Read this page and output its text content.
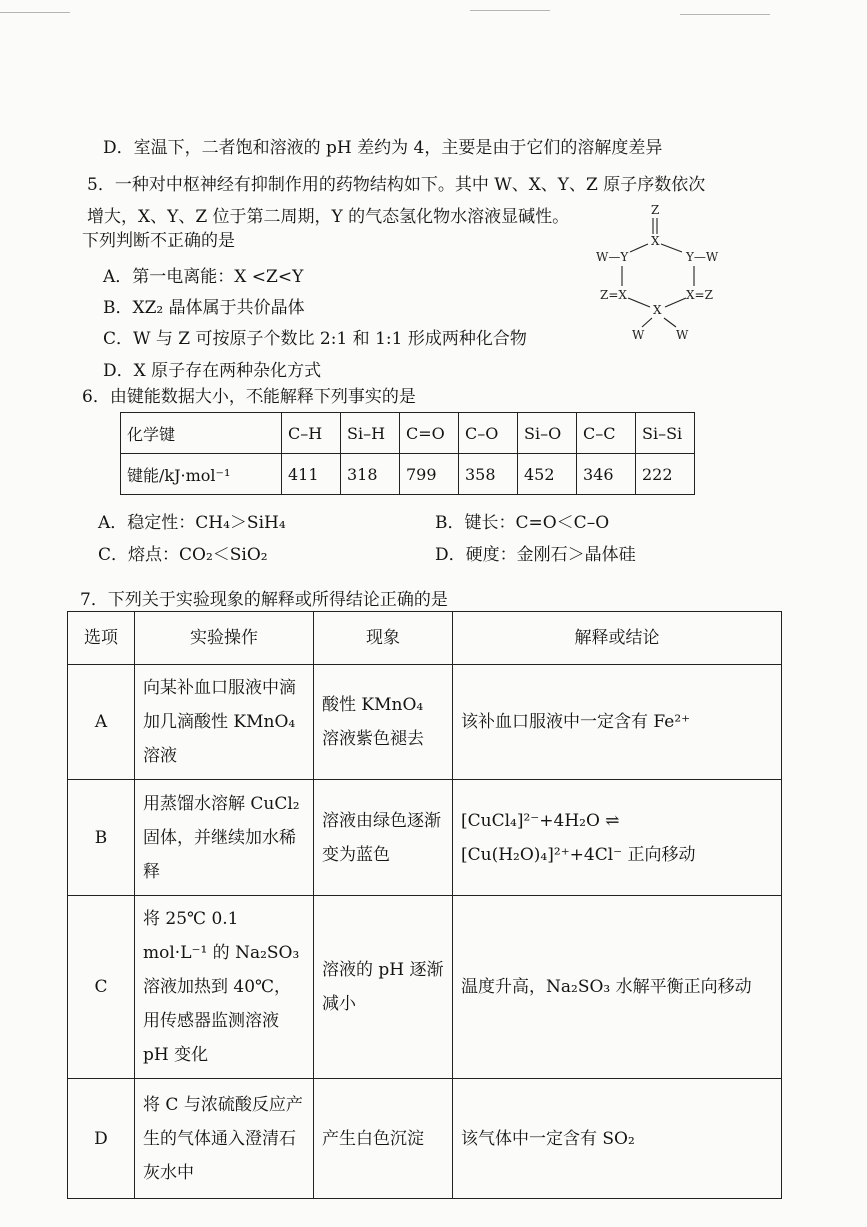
D．室温下，二者饱和溶液的 pH 差约为 4，主要是由于它们的溶解度差异
5．一种对中枢神经有抑制作用的药物结构如下。其中 W、X、Y、Z 原子序数依次
增大，X、Y、Z 位于第二周期，Y 的气态氢化物水溶液显碱性。
下列判断不正确的是
A．第一电离能：X <Z<Y
B．XZ₂ 晶体属于共价晶体
C．W 与 Z 可按原子个数比 2:1 和 1:1 形成两种化合物
D．X 原子存在两种杂化方式
Z
X
W—Y	Y—W
Z=X	X=Z
X
W	W
6．由键能数据大小，不能解释下列事实的是
化学键	C–H	Si–H	C=O	C–O	Si–O	C–C	Si–Si
键能/kJ·mol⁻¹	411	318	799	358	452	346	222
A．稳定性：CH₄＞SiH₄	B．键长：C=O＜C–O
C．熔点：CO₂＜SiO₂	D．硬度：金刚石＞晶体硅
7．下列关于实验现象的解释或所得结论正确的是
选项	实验操作	现象	解释或结论
A	向某补血口服液中滴加几滴酸性 KMnO₄ 溶液	酸性 KMnO₄ 溶液紫色褪去	该补血口服液中一定含有 Fe²⁺
B	用蒸馏水溶解 CuCl₂ 固体，并继续加水稀释	溶液由绿色逐渐变为蓝色	[CuCl₄]²⁻+4H₂O ⇌ [Cu(H₂O)₄]²⁺+4Cl⁻ 正向移动
C	将 25℃ 0.1 mol·L⁻¹ 的 Na₂SO₃ 溶液加热到 40℃，用传感器监测溶液 pH 变化	溶液的 pH 逐渐减小	温度升高，Na₂SO₃ 水解平衡正向移动
D	将 C 与浓硫酸反应产生的气体通入澄清石灰水中	产生白色沉淀	该气体中一定含有 SO₂
